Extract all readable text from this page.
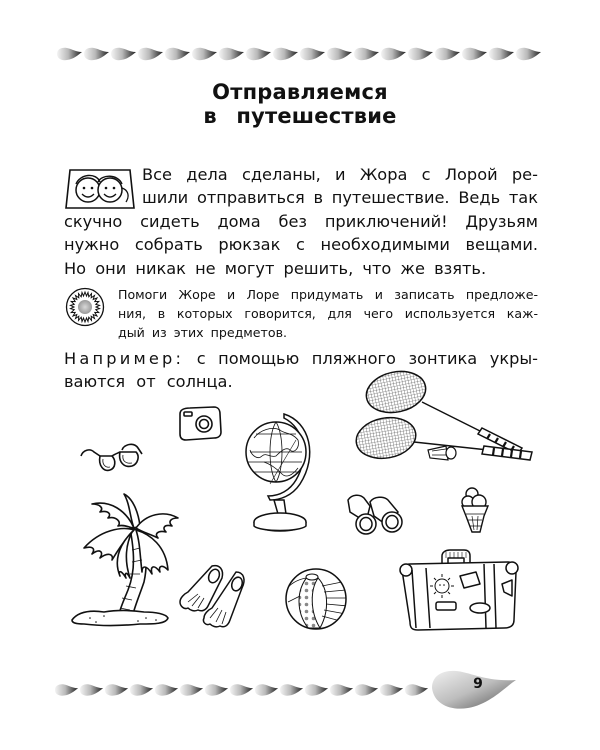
Отправляемся
в путешествие
Все дела сделаны, и Жора с Лорой ре-
шили отправиться в путешествие. Ведь так
скучно сидеть дома без приключений! Друзьям
нужно собрать рюкзак с необходимыми вещами.
Но они никак не могут решить, что же взять.
Помоги Жоре и Лоре придумать и записать предложе-
ния, в которых говорится, для чего используется каж-
дый из этих предметов.
Например: с помощью пляжного зонтика укры-
ваются от солнца.
9
